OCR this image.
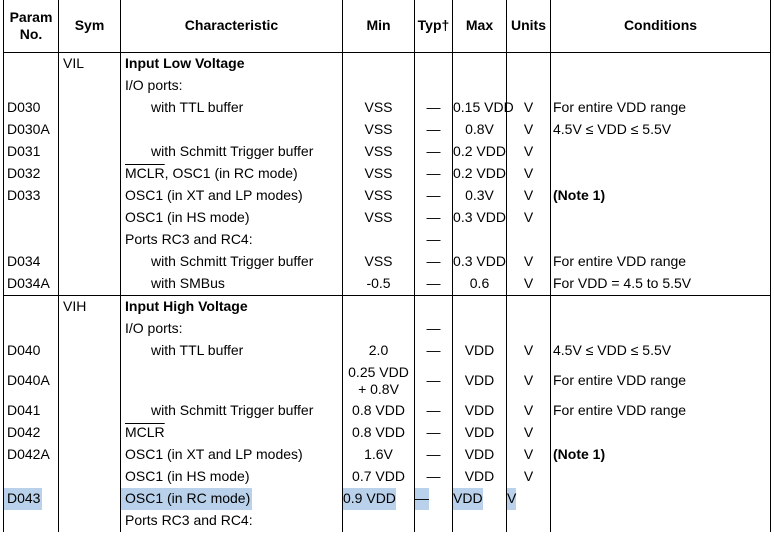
Param
No.	Sym	Characteristic	Min	Typ†	Max	Units	Conditions

	VIL	Input Low Voltage					

		I/O ports:					

D030		with TTL buffer	VSS	—	0.15 VDD	V	For entire VDD range

D030A			VSS	—	0.8V	V	4.5V ≤ VDD ≤ 5.5V

D031		with Schmitt Trigger buffer	VSS	—	0.2 VDD	V	

D032		MCLR, OSC1 (in RC mode)	VSS	—	0.2 VDD	V	

D033		OSC1 (in XT and LP modes)	VSS	—	0.3V	V	(Note 1)

		OSC1 (in HS mode)	VSS	—	0.3 VDD	V	

		Ports RC3 and RC4:		—			

D034		with Schmitt Trigger buffer	VSS	—	0.3 VDD	V	For entire VDD range

D034A		with SMBus	-0.5	—	0.6	V	For VDD = 4.5 to 5.5V

	VIH	Input High Voltage					

		I/O ports:		—			

D040		with TTL buffer	2.0	—	VDD	V	4.5V ≤ VDD ≤ 5.5V

D040A			0.25 VDD
+ 0.8V	—	VDD	V	For entire VDD range

D041		with Schmitt Trigger buffer	0.8 VDD	—	VDD	V	For entire VDD range

D042		MCLR	0.8 VDD	—	VDD	V	

D042A		OSC1 (in XT and LP modes)	1.6V	—	VDD	V	(Note 1)

		OSC1 (in HS mode)	0.7 VDD	—	VDD	V	

D043		OSC1 (in RC mode)	0.9 VDD	—	VDD	V	

		Ports RC3 and RC4:					
